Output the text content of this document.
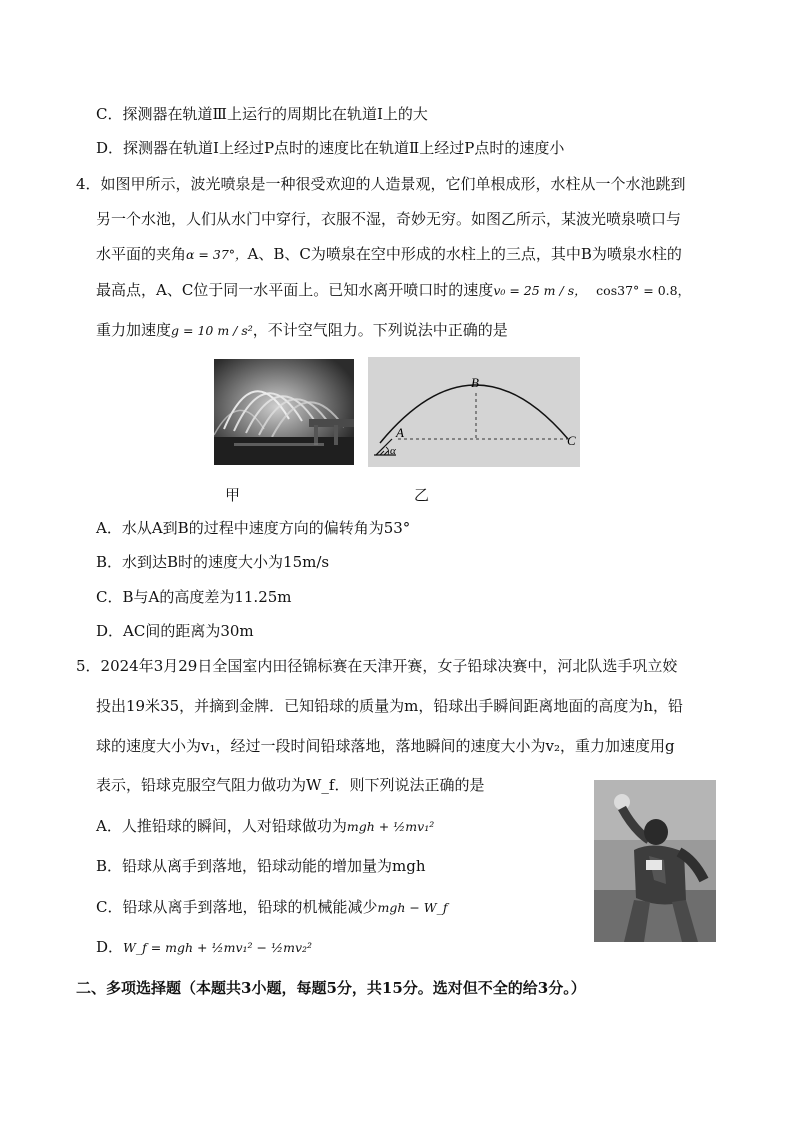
C．探测器在轨道Ⅲ上运行的周期比在轨道Ⅰ上的大
D．探测器在轨道Ⅰ上经过P点时的速度比在轨道Ⅱ上经过P点时的速度小
4．如图甲所示，波光喷泉是一种很受欢迎的人造景观，它们单根成形，水柱从一个水池跳到
另一个水池，人们从水门中穿行，衣服不湿，奇妙无穷。如图乙所示，某波光喷泉喷口与
水平面的夹角α = 37°，A、B、C为喷泉在空中形成的水柱上的三点，其中B为喷泉水柱的
最高点，A、C位于同一水平面上。已知水离开喷口时的速度v₀ = 25 m / s， cos37° = 0.8，
重力加速度g = 10 m / s²，不计空气阻力。下列说法中正确的是
A
B
C
α
甲	乙
A．水从A到B的过程中速度方向的偏转角为53°
B．水到达B时的速度大小为15m/s
C．B与A的高度差为11.25m
D．AC间的距离为30m
5．2024年3月29日全国室内田径锦标赛在天津开赛，女子铅球决赛中，河北队选手巩立姣
投出19米35，并摘到金牌．已知铅球的质量为m，铅球出手瞬间距离地面的高度为h，铅
球的速度大小为v₁，经过一段时间铅球落地，落地瞬间的速度大小为v₂，重力加速度用g
表示，铅球克服空气阻力做功为W_f．则下列说法正确的是
A．人推铅球的瞬间，人对铅球做功为mgh + ½mv₁²
B．铅球从离手到落地，铅球动能的增加量为mgh
C．铅球从离手到落地，铅球的机械能减少mgh − W_f
D．W_f = mgh + ½mv₁² − ½mv₂²
二、多项选择题（本题共3小题，每题5分，共15分。选对但不全的给3分。）
